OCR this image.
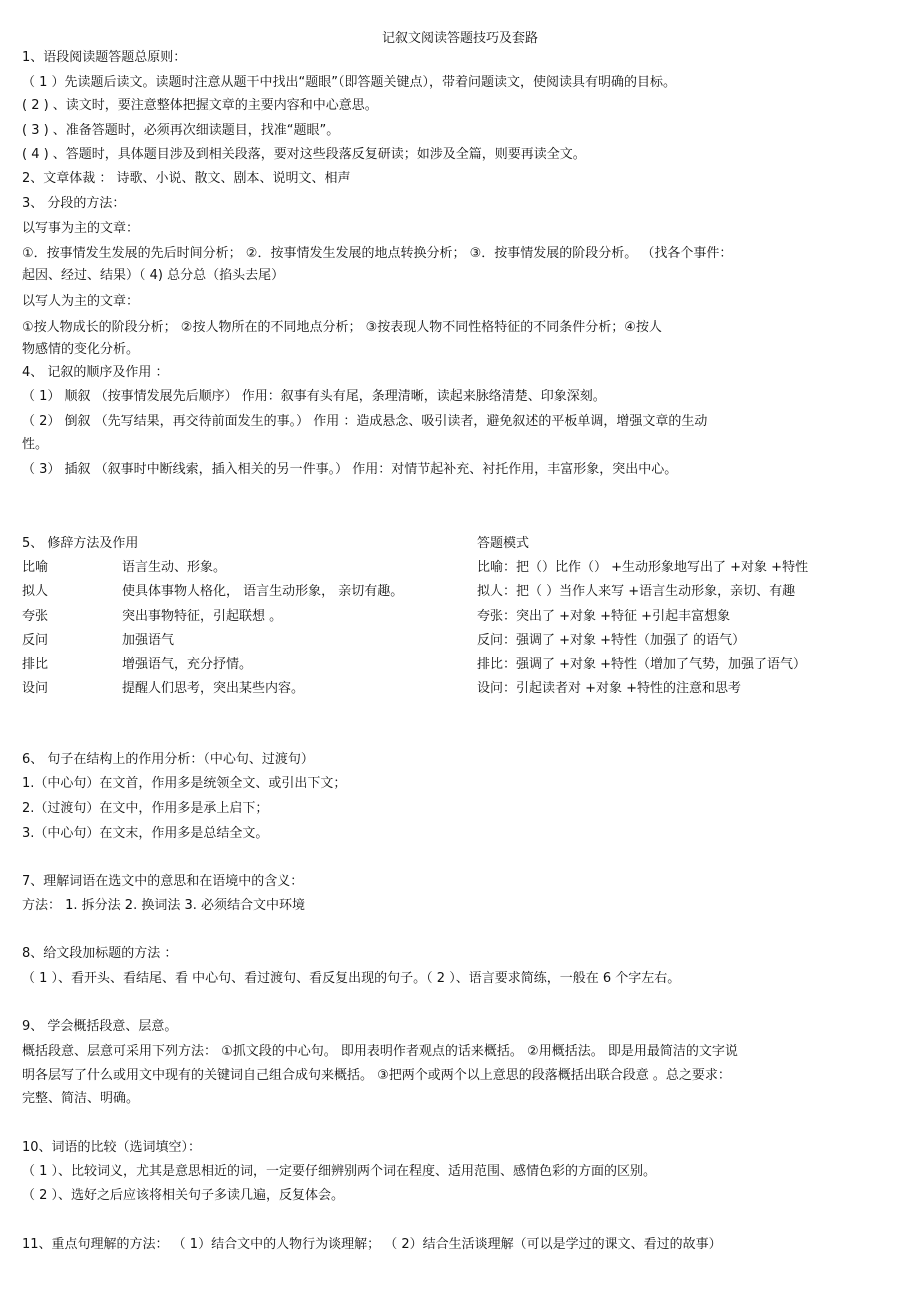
记叙文阅读答题技巧及套路
1、语段阅读题答题总原则：
（ 1 ）先读题后读文。读题时注意从题干中找出“题眼”（即答题关键点），带着问题读文，使阅读具有明确的目标。
( 2 ) 、读文时，要注意整体把握文章的主要内容和中心意思。
( 3 ) 、准备答题时，必须再次细读题目，找准“题眼”。
( 4 ) 、答题时，具体题目涉及到相关段落，要对这些段落反复研读；如涉及全篇，则要再读全文。
2、文章体裁 ： 诗歌、小说、散文、剧本、说明文、相声
3、 分段的方法：
以写事为主的文章：
①．按事情发生发展的先后时间分析； ②．按事情发生发展的地点转换分析； ③．按事情发展的阶段分析。 （找各个事件：
起因、经过、结果）（ 4) 总分总（掐头去尾）
以写人为主的文章：
①按人物成长的阶段分析； ②按人物所在的不同地点分析； ③按表现人物不同性格特征的不同条件分析；④按人
物感情的变化分析。
4、 记叙的顺序及作用 ：
（ 1） 顺叙 （按事情发展先后顺序） 作用：叙事有头有尾，条理清晰，读起来脉络清楚、印象深刻。
（ 2） 倒叙 （先写结果，再交待前面发生的事。） 作用 ：造成悬念、吸引读者，避免叙述的平板单调，增强文章的生动
性。
（ 3） 插叙 （叙事时中断线索，插入相关的另一件事。） 作用：对情节起补充、衬托作用，丰富形象，突出中心。
5、 修辞方法及作用	答题模式
比喻	语言生动、形象。	比喻：把（）比作（） +生动形象地写出了 +对象 +特性
拟人	使具体事物人格化， 语言生动形象， 亲切有趣。	拟人：把（ ）当作人来写 +语言生动形象，亲切、有趣
夸张	突出事物特征，引起联想 。	夸张：突出了 +对象 +特征 +引起丰富想象
反问	加强语气	反问：强调了 +对象 +特性（加强了 的语气）
排比	增强语气，充分抒情。	排比：强调了 +对象 +特性（增加了气势，加强了语气）
设问	提醒人们思考，突出某些内容。	设问：引起读者对 +对象 +特性的注意和思考
6、 句子在结构上的作用分析：（中心句、过渡句）
1.（中心句）在文首，作用多是统领全文、或引出下文；
2.（过渡句）在文中，作用多是承上启下；
3.（中心句）在文末，作用多是总结全文。
7、理解词语在选文中的意思和在语境中的含义：
方法： 1. 拆分法 2. 换词法 3. 必须结合文中环境
8、给文段加标题的方法 ：
（ 1 ）、看开头、看结尾、看 中心句、看过渡句、看反复出现的句子。（ 2 ）、语言要求简练，一般在 6 个字左右。
9、 学会概括段意、层意。
概括段意、层意可采用下列方法： ①抓文段的中心句。 即用表明作者观点的话来概括。 ②用概括法。 即是用最简洁的文字说
明各层写了什么或用文中现有的关键词自己组合成句来概括。 ③把两个或两个以上意思的段落概括出联合段意 。总之要求：
完整、简洁、明确。
10、词语的比较（选词填空）：
（ 1 ）、比较词义，尤其是意思相近的词，一定要仔细辨别两个词在程度、适用范围、感情色彩的方面的区别。
（ 2 ）、选好之后应该将相关句子多读几遍，反复体会。
11、重点句理解的方法： （ 1）结合文中的人物行为谈理解； （ 2）结合生活谈理解（可以是学过的课文、看过的故事）
